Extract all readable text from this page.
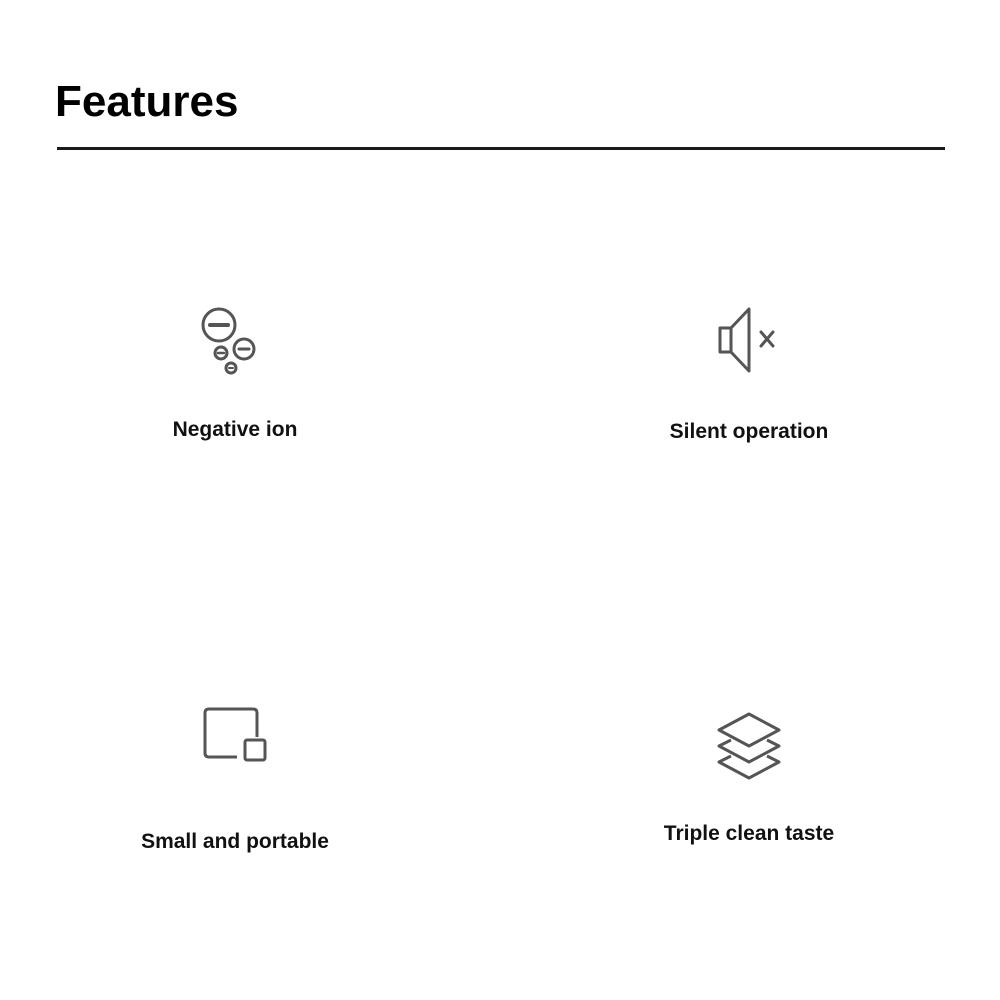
Features
Negative ion	Silent operation
Small and portable	Triple clean taste
